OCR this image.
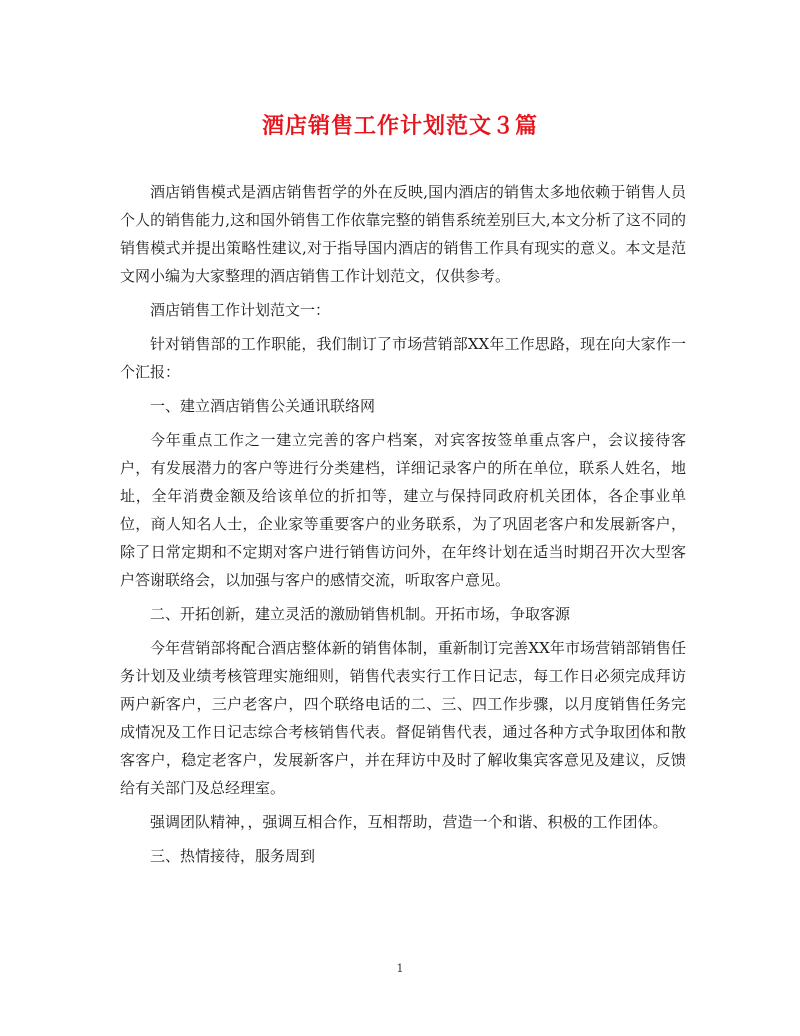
酒店销售工作计划范文３篇

酒店销售模式是酒店销售哲学的外在反映,国内酒店的销售太多地依赖于销售人员个人的销售能力,这和国外销售工作依靠完整的销售系统差别巨大,本文分析了这不同的销售模式并提出策略性建议,对于指导国内酒店的销售工作具有现实的意义。本文是范文网小编为大家整理的酒店销售工作计划范文，仅供参考。

酒店销售工作计划范文一：

针对销售部的工作职能，我们制订了市场营销部XX年工作思路，现在向大家作一个汇报：

一、建立酒店销售公关通讯联络网

今年重点工作之一建立完善的客户档案，对宾客按签单重点客户，会议接待客户，有发展潜力的客户等进行分类建档，详细记录客户的所在单位，联系人姓名，地址，全年消费金额及给该单位的折扣等，建立与保持同政府机关团体，各企事业单位，商人知名人士，企业家等重要客户的业务联系，为了巩固老客户和发展新客户，除了日常定期和不定期对客户进行销售访问外，在年终计划在适当时期召开次大型客户答谢联络会，以加强与客户的感情交流，听取客户意见。

二、开拓创新，建立灵活的激励销售机制。开拓市场，争取客源

今年营销部将配合酒店整体新的销售体制，重新制订完善XX年市场营销部销售任务计划及业绩考核管理实施细则，销售代表实行工作日记志，每工作日必须完成拜访两户新客户，三户老客户，四个联络电话的二、三、四工作步骤，以月度销售任务完成情况及工作日记志综合考核销售代表。督促销售代表，通过各种方式争取团体和散客客户，稳定老客户，发展新客户，并在拜访中及时了解收集宾客意见及建议，反馈给有关部门及总经理室。

强调团队精神，，强调互相合作，互相帮助，营造一个和谐、积极的工作团体。

三、热情接待，服务周到

1
